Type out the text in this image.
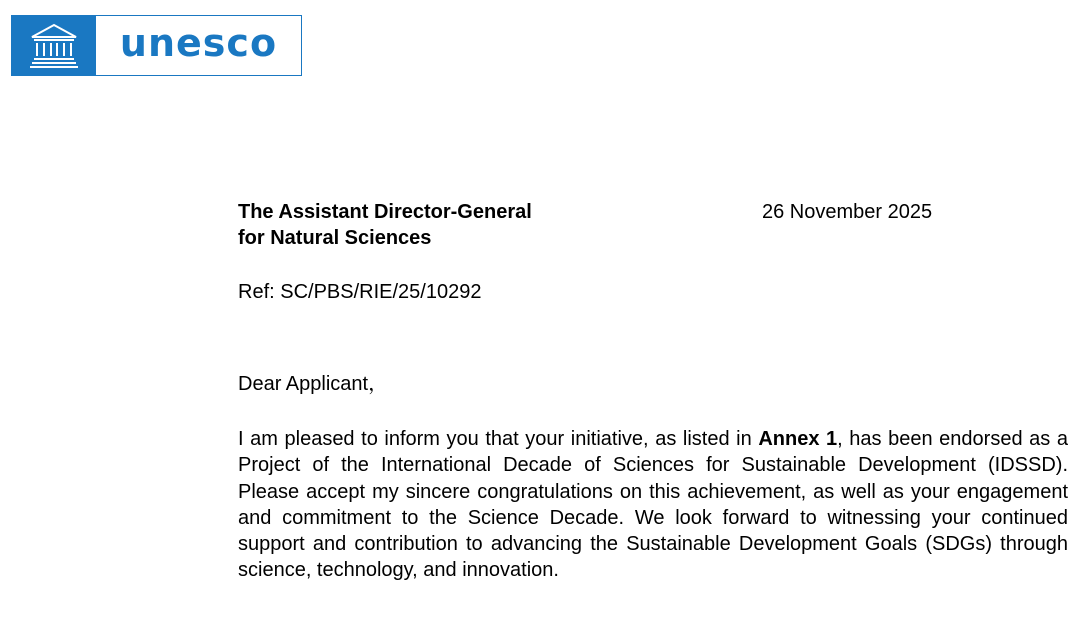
unesco
The Assistant Director-General
for Natural Sciences
26 November 2025
Ref: SC/PBS/RIE/25/10292
Dear Applicant，

I am pleased to inform you that your initiative, as listed in Annex 1, has been endorsed as a Project of the International Decade of Sciences for Sustainable Development (IDSSD). Please accept my sincere congratulations on this achievement, as well as your engagement and commitment to the Science Decade. We look forward to witnessing your continued support and contribution to advancing the Sustainable Development Goals (SDGs) through science, technology, and innovation.
